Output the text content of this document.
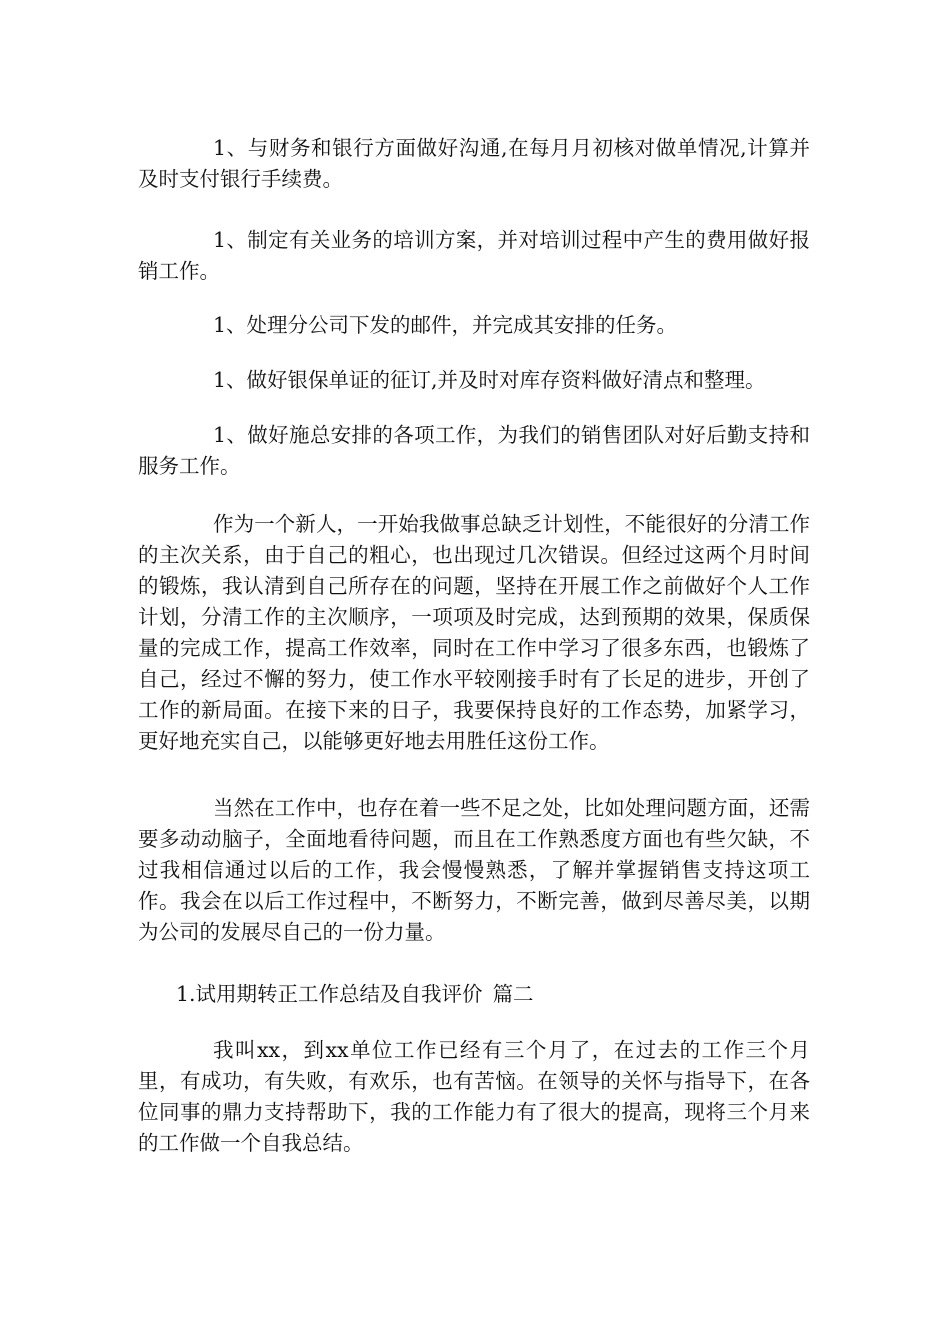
1、与财务和银行方面做好沟通,在每月月初核对做单情况,计算并及时支付银行手续费。

1、制定有关业务的培训方案，并对培训过程中产生的费用做好报销工作。

1、处理分公司下发的邮件，并完成其安排的任务。

1、做好银保单证的征订,并及时对库存资料做好清点和整理。

1、做好施总安排的各项工作，为我们的销售团队对好后勤支持和服务工作。

作为一个新人，一开始我做事总缺乏计划性，不能很好的分清工作的主次关系，由于自己的粗心，也出现过几次错误。但经过这两个月时间的锻炼，我认清到自己所存在的问题，坚持在开展工作之前做好个人工作计划，分清工作的主次顺序，一项项及时完成，达到预期的效果，保质保量的完成工作，提高工作效率，同时在工作中学习了很多东西，也锻炼了自己，经过不懈的努力，使工作水平较刚接手时有了长足的进步，开创了工作的新局面。在接下来的日子，我要保持良好的工作态势，加紧学习，更好地充实自己，以能够更好地去用胜任这份工作。

当然在工作中，也存在着一些不足之处，比如处理问题方面，还需要多动动脑子，全面地看待问题，而且在工作熟悉度方面也有些欠缺，不过我相信通过以后的工作，我会慢慢熟悉，了解并掌握销售支持这项工作。我会在以后工作过程中，不断努力，不断完善，做到尽善尽美，以期为公司的发展尽自己的一份力量。

1.试用期转正工作总结及自我评价 篇二

我叫xx，到xx单位工作已经有三个月了，在过去的工作三个月里，有成功，有失败，有欢乐，也有苦恼。在领导的关怀与指导下，在各位同事的鼎力支持帮助下，我的工作能力有了很大的提高，现将三个月来的工作做一个自我总结。
